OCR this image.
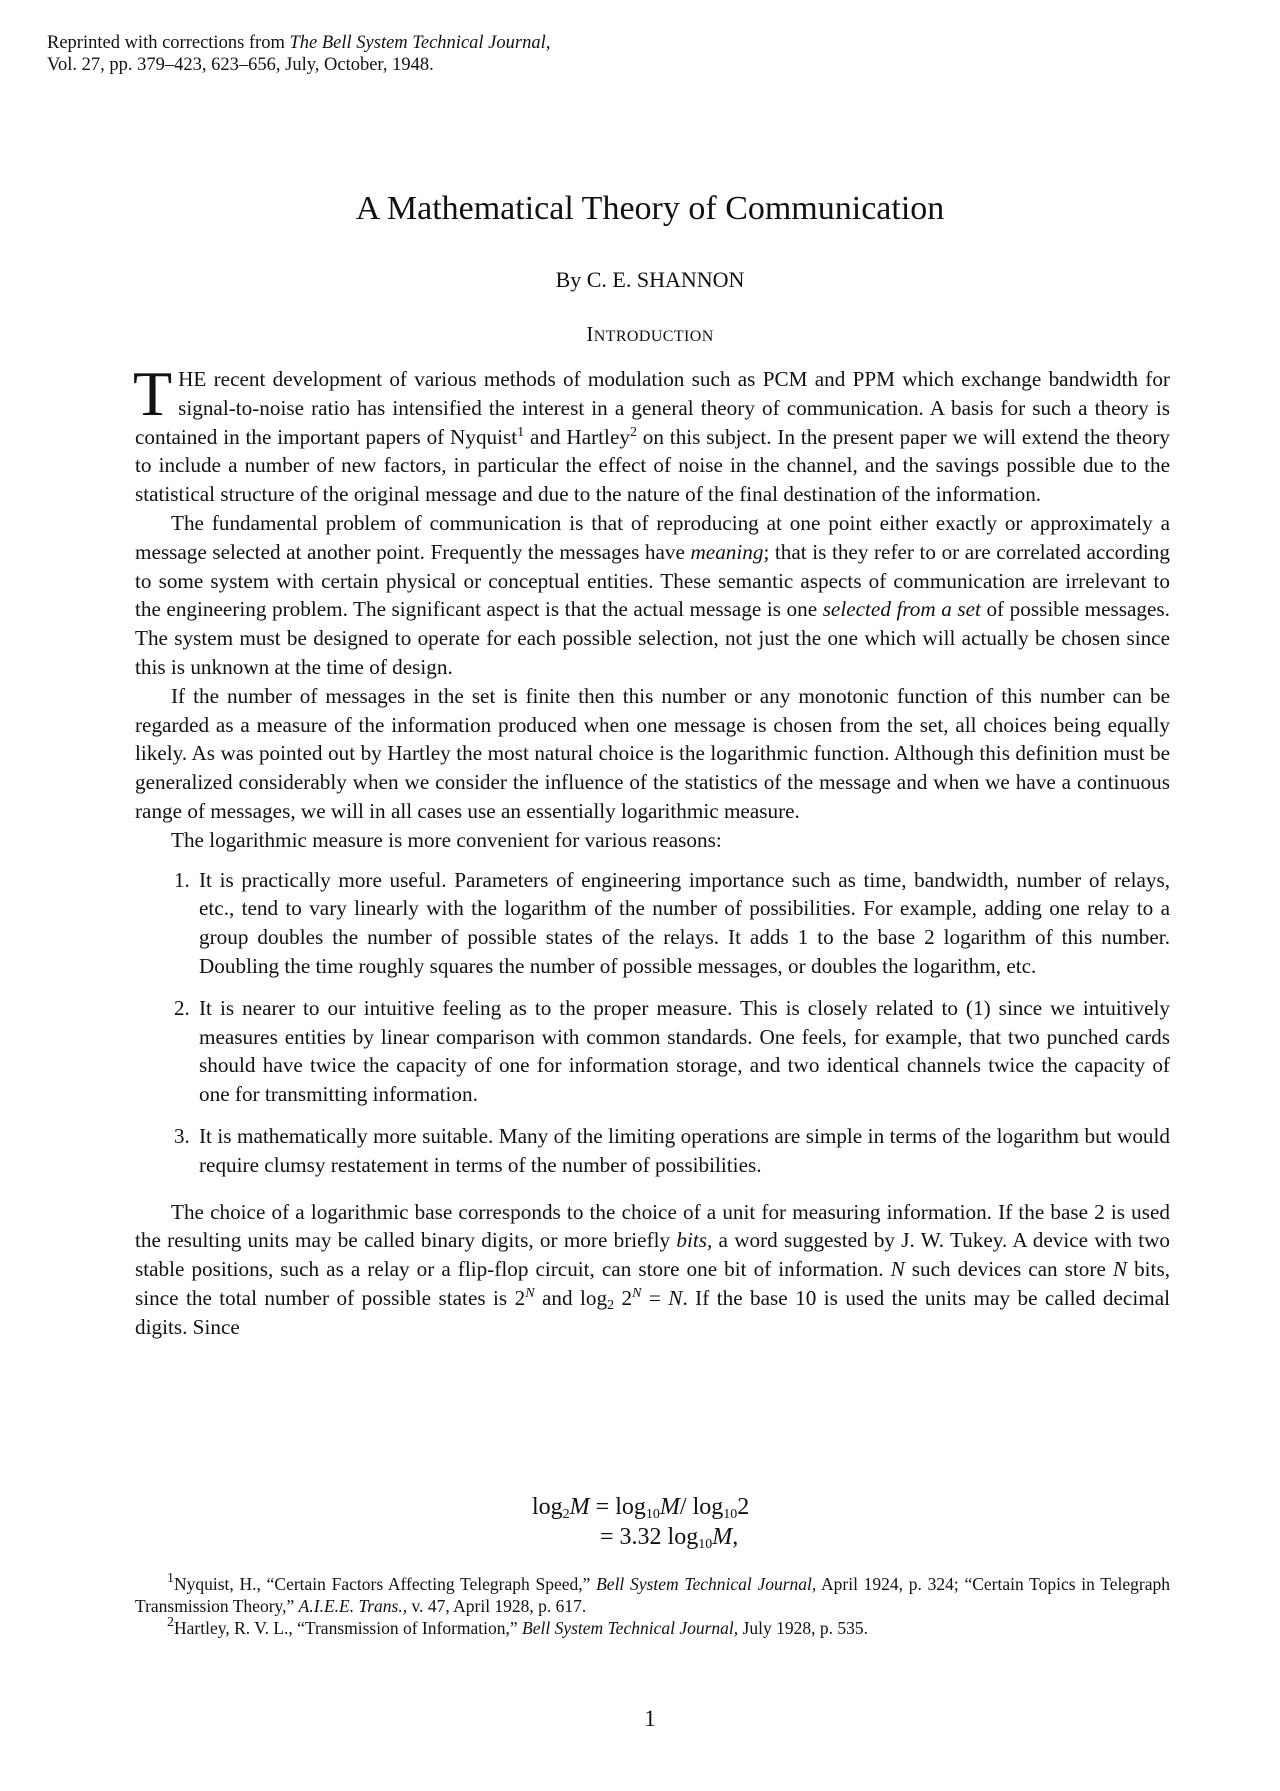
Reprinted with corrections from The Bell System Technical Journal,
Vol. 27, pp. 379–423, 623–656, July, October, 1948.
A Mathematical Theory of Communication
By C. E. SHANNON
INTRODUCTION

THE recent development of various methods of modulation such as PCM and PPM which exchange bandwidth for signal-to-noise ratio has intensified the interest in a general theory of communication. A basis for such a theory is contained in the important papers of Nyquist$^1$ and Hartley$^2$ on this subject. In the present paper we will extend the theory to include a number of new factors, in particular the effect of noise in the channel, and the savings possible due to the statistical structure of the original message and due to the nature of the final destination of the information.

The fundamental problem of communication is that of reproducing at one point either exactly or approximately a message selected at another point. Frequently the messages have meaning; that is they refer to or are correlated according to some system with certain physical or conceptual entities. These semantic aspects of communication are irrelevant to the engineering problem. The significant aspect is that the actual message is one selected from a set of possible messages. The system must be designed to operate for each possible selection, not just the one which will actually be chosen since this is unknown at the time of design.

If the number of messages in the set is finite then this number or any monotonic function of this number can be regarded as a measure of the information produced when one message is chosen from the set, all choices being equally likely. As was pointed out by Hartley the most natural choice is the logarithmic function. Although this definition must be generalized considerably when we consider the influence of the statistics of the message and when we have a continuous range of messages, we will in all cases use an essentially logarithmic measure.

The logarithmic measure is more convenient for various reasons:

1. It is practically more useful. Parameters of engineering importance such as time, bandwidth, number of relays, etc., tend to vary linearly with the logarithm of the number of possibilities. For example, adding one relay to a group doubles the number of possible states of the relays. It adds 1 to the base 2 logarithm of this number. Doubling the time roughly squares the number of possible messages, or doubles the logarithm, etc.
2. It is nearer to our intuitive feeling as to the proper measure. This is closely related to (1) since we intuitively measures entities by linear comparison with common standards. One feels, for example, that two punched cards should have twice the capacity of one for information storage, and two identical channels twice the capacity of one for transmitting information.
3. It is mathematically more suitable. Many of the limiting operations are simple in terms of the logarithm but would require clumsy restatement in terms of the number of possibilities.

The choice of a logarithmic base corresponds to the choice of a unit for measuring information. If the base 2 is used the resulting units may be called binary digits, or more briefly bits, a word suggested by J. W. Tukey. A device with two stable positions, such as a relay or a flip-flop circuit, can store one bit of information. N such devices can store N bits, since the total number of possible states is $2^N$ and $\log_2 2^N = N$. If the base 10 is used the units may be called decimal digits. Since

$\log_2M = \log_{10}M/$ $\log_{10}2$
= 3.32 $\log_{10}M$,

$^1$Nyquist, H., “Certain Factors Affecting Telegraph Speed,” Bell System Technical Journal, April 1924, p. 324; “Certain Topics in Telegraph Transmission Theory,” A.I.E.E. Trans., v. 47, April 1928, p. 617.

$^2$Hartley, R. V. L., “Transmission of Information,” Bell System Technical Journal, July 1928, p. 535.

1
